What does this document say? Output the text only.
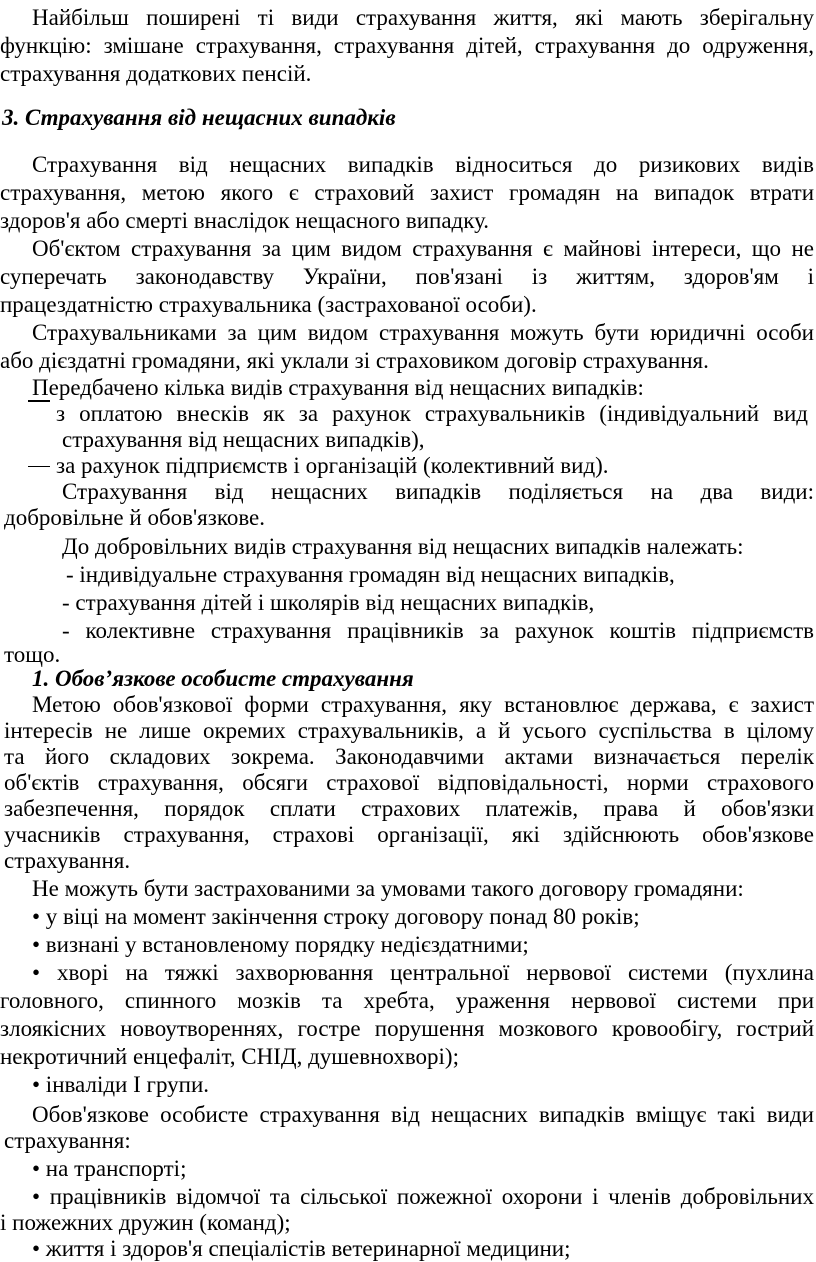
Найбільш поширені ті види страхування життя, які мають зберігальну
функцію: змішане страхування, страхування дітей, страхування до одруження,
страхування додаткових пенсій.
3. Страхування від нещасних випадків
Страхування від нещасних випадків відноситься до ризикових видів
страхування, метою якого є страховий захист громадян на випадок втрати
здоров'я або смерті внаслідок нещасного випадку.
Об'єктом страхування за цим видом страхування є майнові інтереси, що не
суперечать законодавству України, пов'язані із життям, здоров'ям і
працездатністю страхувальника (застрахованої особи).
Страхувальниками за цим видом страхування можуть бути юридичні особи
або дієздатні громадяни, які уклали зі страховиком договір страхування.
Передбачено кілька видів страхування від нещасних випадків:
з оплатою внесків як за рахунок страхувальників (індивідуальний вид
страхування від нещасних випадків),
за рахунок підприємств і організацій (колективний вид).
Страхування від нещасних випадків поділяється на два види:
добровільне й обов'язкове.
До добровільних видів страхування від нещасних випадків належать:
- індивідуальне страхування громадян від нещасних випадків,
- страхування дітей і школярів від нещасних випадків,
- колективне страхування працівників за рахунок коштів підприємств
тощо.
1. Обов’язкове особисте страхування
Метою обов'язкової форми страхування, яку встановлює держава, є захист
інтересів не лише окремих страхувальників, а й усього суспільства в цілому
та його складових зокрема. Законодавчими актами визначається перелік
об'єктів страхування, обсяги страхової відповідальності, норми страхового
забезпечення, порядок сплати страхових платежів, права й обов'язки
учасників страхування, страхові організації, які здійснюють обов'язкове
страхування.
Не можуть бути застрахованими за умовами такого договору громадяни:
• у віці на момент закінчення строку договору понад 80 років;
• визнані у встановленому порядку недієздатними;
• хворі на тяжкі захворювання центральної нервової системи (пухлина
головного, спинного мозків та хребта, ураження нервової системи при
злоякісних новоутвореннях, гостре порушення мозкового кровообігу, гострий
некротичний енцефаліт, СНІД, душевнохворі);
• інваліди І групи.
Обов'язкове особисте страхування від нещасних випадків вміщує такі види
страхування:
• на транспорті;
• працівників відомчої та сільської пожежної охорони і членів добровільних
і пожежних дружин (команд);
• життя і здоров'я спеціалістів ветеринарної медицини;
